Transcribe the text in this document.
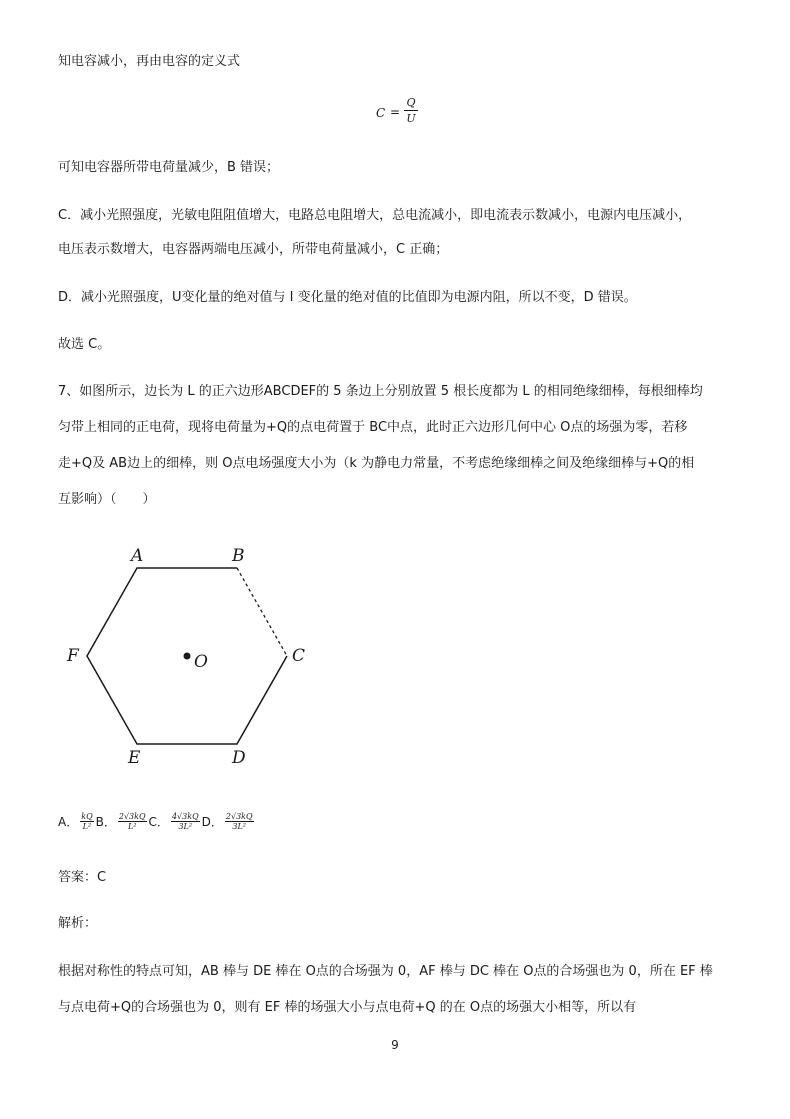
知电容减小，再由电容的定义式
C =
Q
U
可知电容器所带电荷量减少，B 错误；
C．减小光照强度，光敏电阻阻值增大，电路总电阻增大，总电流减小，即电流表示数减小，电源内电压减小，
电压表示数增大，电容器两端电压减小，所带电荷量减小，C 正确；
D．减小光照强度，U变化量的绝对值与 I 变化量的绝对值的比值即为电源内阻，所以不变，D 错误。
故选 C。
7、如图所示，边长为 L 的正六边形ABCDEF的 5 条边上分别放置 5 根长度都为 L 的相同绝缘细棒，每根细棒均
匀带上相同的正电荷，现将电荷量为+Q的点电荷置于 BC中点，此时正六边形几何中心 O点的场强为零，若移
走+Q及 AB边上的细棒，则 O点电场强度大小为（k 为静电力常量，不考虑绝缘细棒之间及绝缘细棒与+Q的相
互影响）（　　）
A	B
C
D
E
F	O
A． $\frac{kQ}{\text{L²}}$ B． $\frac{2√3kQ}{\text{L²}}$ C． $\frac{4√3kQ}{\text{3L²}}$ D． $\frac{2√3kQ}{\text{3L²}}$
答案：C
解析：
根据对称性的特点可知，AB 棒与 DE 棒在 O点的合场强为 0，AF 棒与 DC 棒在 O点的合场强也为 0，所在 EF 棒
与点电荷+Q的合场强也为 0，则有 EF 棒的场强大小与点电荷+Q 的在 O点的场强大小相等，所以有
9
